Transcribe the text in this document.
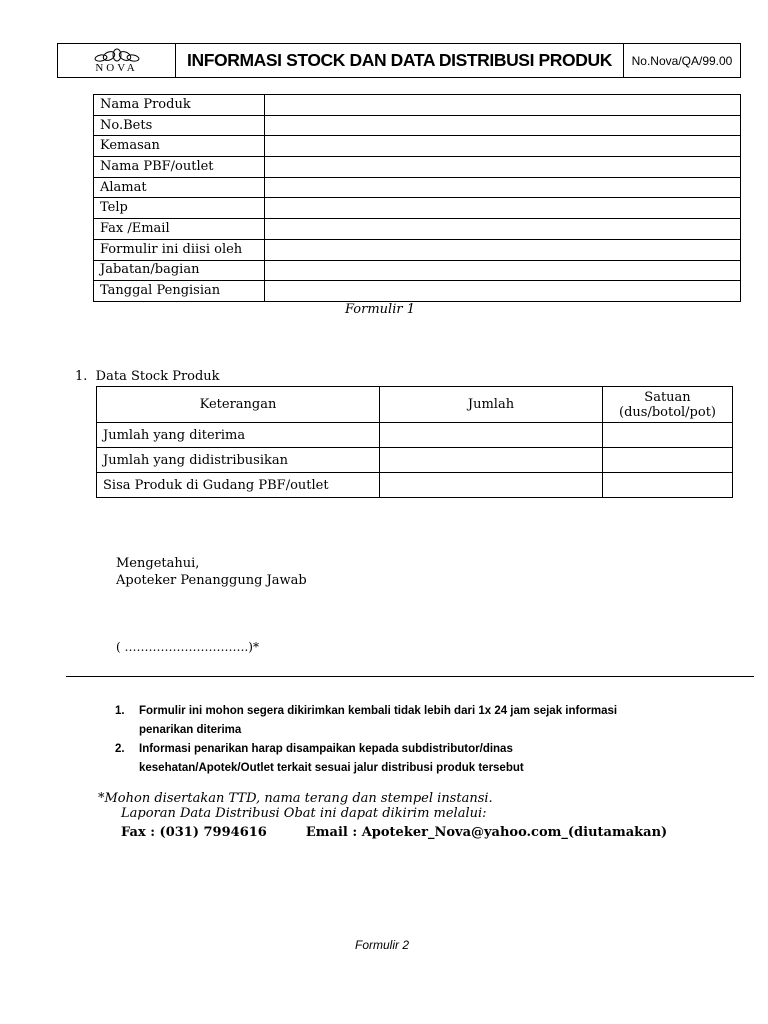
NOVA	INFORMASI STOCK DAN DATA DISTRIBUSI PRODUK	No.Nova/QA/99.00
Nama Produk	
No.Bets	
Kemasan	
Nama PBF/outlet	
Alamat	
Telp	
Fax /Email	
Formulir ini diisi oleh	
Jabatan/bagian	
Tanggal Pengisian	
Formulir 1
1. Data Stock Produk
Keterangan	Jumlah	Satuan
(dus/botol/pot)
Jumlah yang diterima		
Jumlah yang didistribusikan		
Sisa Produk di Gudang PBF/outlet		
Mengetahui,
Apoteker Penanggung Jawab
( ………………………….)*
1.	Formulir ini mohon segera dikirimkan kembali tidak lebih dari 1x 24 jam sejak informasi
penarikan diterima
2.	Informasi penarikan harap disampaikan kepada subdistributor/dinas
kesehatan/Apotek/Outlet terkait sesuai jalur distribusi produk tersebut
*Mohon disertakan TTD, nama terang dan stempel instansi.
Laporan Data Distribusi Obat ini dapat dikirim melalui:
Fax : (031) 7994616	Email : Apoteker_Nova@yahoo.com_(diutamakan)
Formulir 2
